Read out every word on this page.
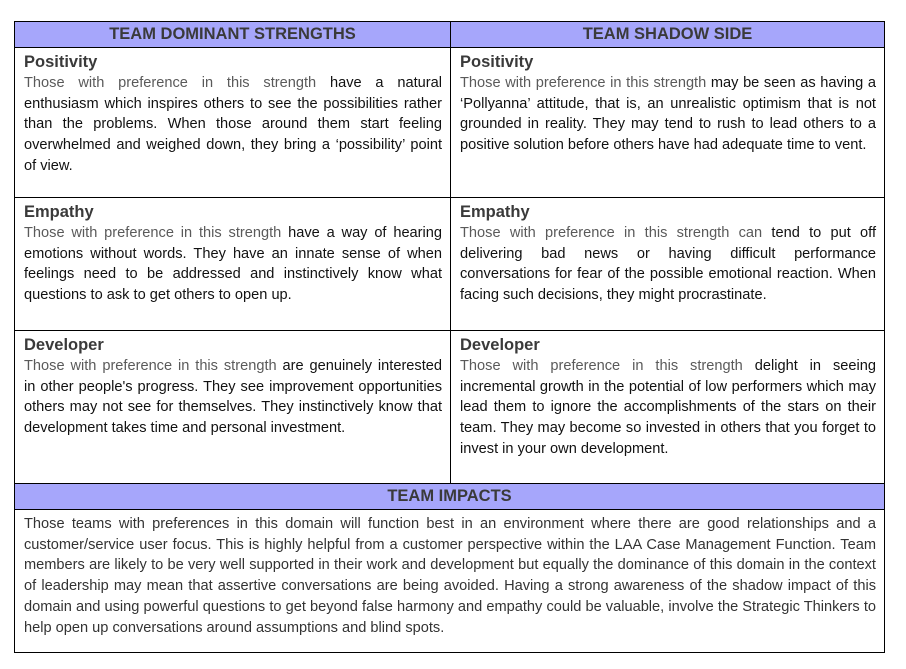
TEAM DOMINANT STRENGTHS	TEAM SHADOW SIDE
Positivity
Those with preference in this strength have a natural enthusiasm which inspires others to see the possibilities rather than the problems. When those around them start feeling overwhelmed and weighed down, they bring a ‘possibility’ point of view.
Positivity
Those with preference in this strength may be seen as having a ‘Pollyanna’ attitude, that is, an unrealistic optimism that is not grounded in reality. They may tend to rush to lead others to a positive solution before others have had adequate time to vent.
Empathy
Those with preference in this strength have a way of hearing emotions without words. They have an innate sense of when feelings need to be addressed and instinctively know what questions to ask to get others to open up.
Empathy
Those with preference in this strength can tend to put off delivering bad news or having difficult performance conversations for fear of the possible emotional reaction. When facing such decisions, they might procrastinate.
Developer
Those with preference in this strength are genuinely interested in other people's progress. They see improvement opportunities others may not see for themselves. They instinctively know that development takes time and personal investment.
Developer
Those with preference in this strength delight in seeing incremental growth in the potential of low performers which may lead them to ignore the accomplishments of the stars on their team. They may become so invested in others that you forget to invest in your own development.
TEAM IMPACTS
Those teams with preferences in this domain will function best in an environment where there are good relationships and a customer/service user focus. This is highly helpful from a customer perspective within the LAA Case Management Function. Team members are likely to be very well supported in their work and development but equally the dominance of this domain in the context of leadership may mean that assertive conversations are being avoided. Having a strong awareness of the shadow impact of this domain and using powerful questions to get beyond false harmony and empathy could be valuable, involve the Strategic Thinkers to help open up conversations around assumptions and blind spots.
